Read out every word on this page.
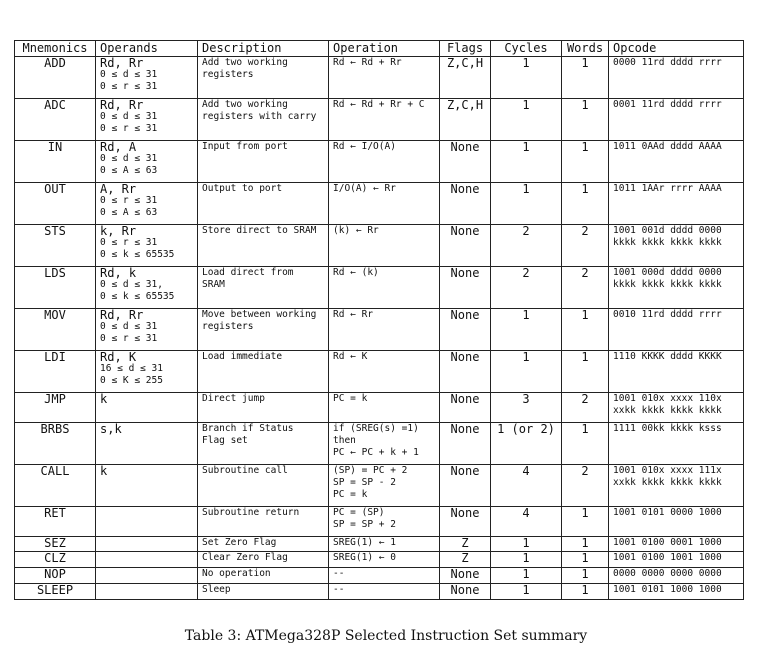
Mnemonics	Operands	Description	Operation	Flags	Cycles	Words	Opcode
ADD	Rd, Rr
0 ≤ d ≤ 31
0 ≤ r ≤ 31	Add two working
registers	Rd ← Rd + Rr	Z,C,H	1	1	0000 11rd dddd rrrr

ADC	Rd, Rr
0 ≤ d ≤ 31
0 ≤ r ≤ 31	Add two working
registers with carry	Rd ← Rd + Rr + C	Z,C,H	1	1	0001 11rd dddd rrrr

IN	Rd, A
0 ≤ d ≤ 31
0 ≤ A ≤ 63	Input from port	Rd ← I/O(A)	None	1	1	1011 0AAd dddd AAAA

OUT	A, Rr
0 ≤ r ≤ 31
0 ≤ A ≤ 63	Output to port	I/O(A) ← Rr	None	1	1	1011 1AAr rrrr AAAA

STS	k, Rr
0 ≤ r ≤ 31
0 ≤ k ≤ 65535	Store direct to SRAM	(k) ← Rr	None	2	2	1001 001d dddd 0000
kkkk kkkk kkkk kkkk

LDS	Rd, k
0 ≤ d ≤ 31,
0 ≤ k ≤ 65535	Load direct from
SRAM	Rd ← (k)	None	2	2	1001 000d dddd 0000
kkkk kkkk kkkk kkkk

MOV	Rd, Rr
0 ≤ d ≤ 31
0 ≤ r ≤ 31	Move between working
registers	Rd ← Rr	None	1	1	0010 11rd dddd rrrr

LDI	Rd, K
16 ≤ d ≤ 31
0 ≤ K ≤ 255	Load immediate	Rd ← K	None	1	1	1110 KKKK dddd KKKK

JMP	k	Direct jump	PC = k	None	3	2	1001 010x xxxx 110x
xxkk kkkk kkkk kkkk

BRBS	s,k	Branch if Status
Flag set	if (SREG(s) =1)
then
PC ← PC + k + 1	None	1 (or 2)	1	1111 00kk kkkk ksss

CALL	k	Subroutine call	(SP) = PC + 2
SP = SP - 2
PC = k	None	4	2	1001 010x xxxx 111x
xxkk kkkk kkkk kkkk

RET		Subroutine return	PC = (SP)
SP = SP + 2	None	4	1	1001 0101 0000 1000

SEZ		Set Zero Flag	SREG(1) ← 1	Z	1	1	1001 0100 0001 1000

CLZ		Clear Zero Flag	SREG(1) ← 0	Z	1	1	1001 0100 1001 1000

NOP		No operation	--	None	1	1	0000 0000 0000 0000

SLEEP		Sleep	--	None	1	1	1001 0101 1000 1000
Table 3: ATMega328P Selected Instruction Set summary
